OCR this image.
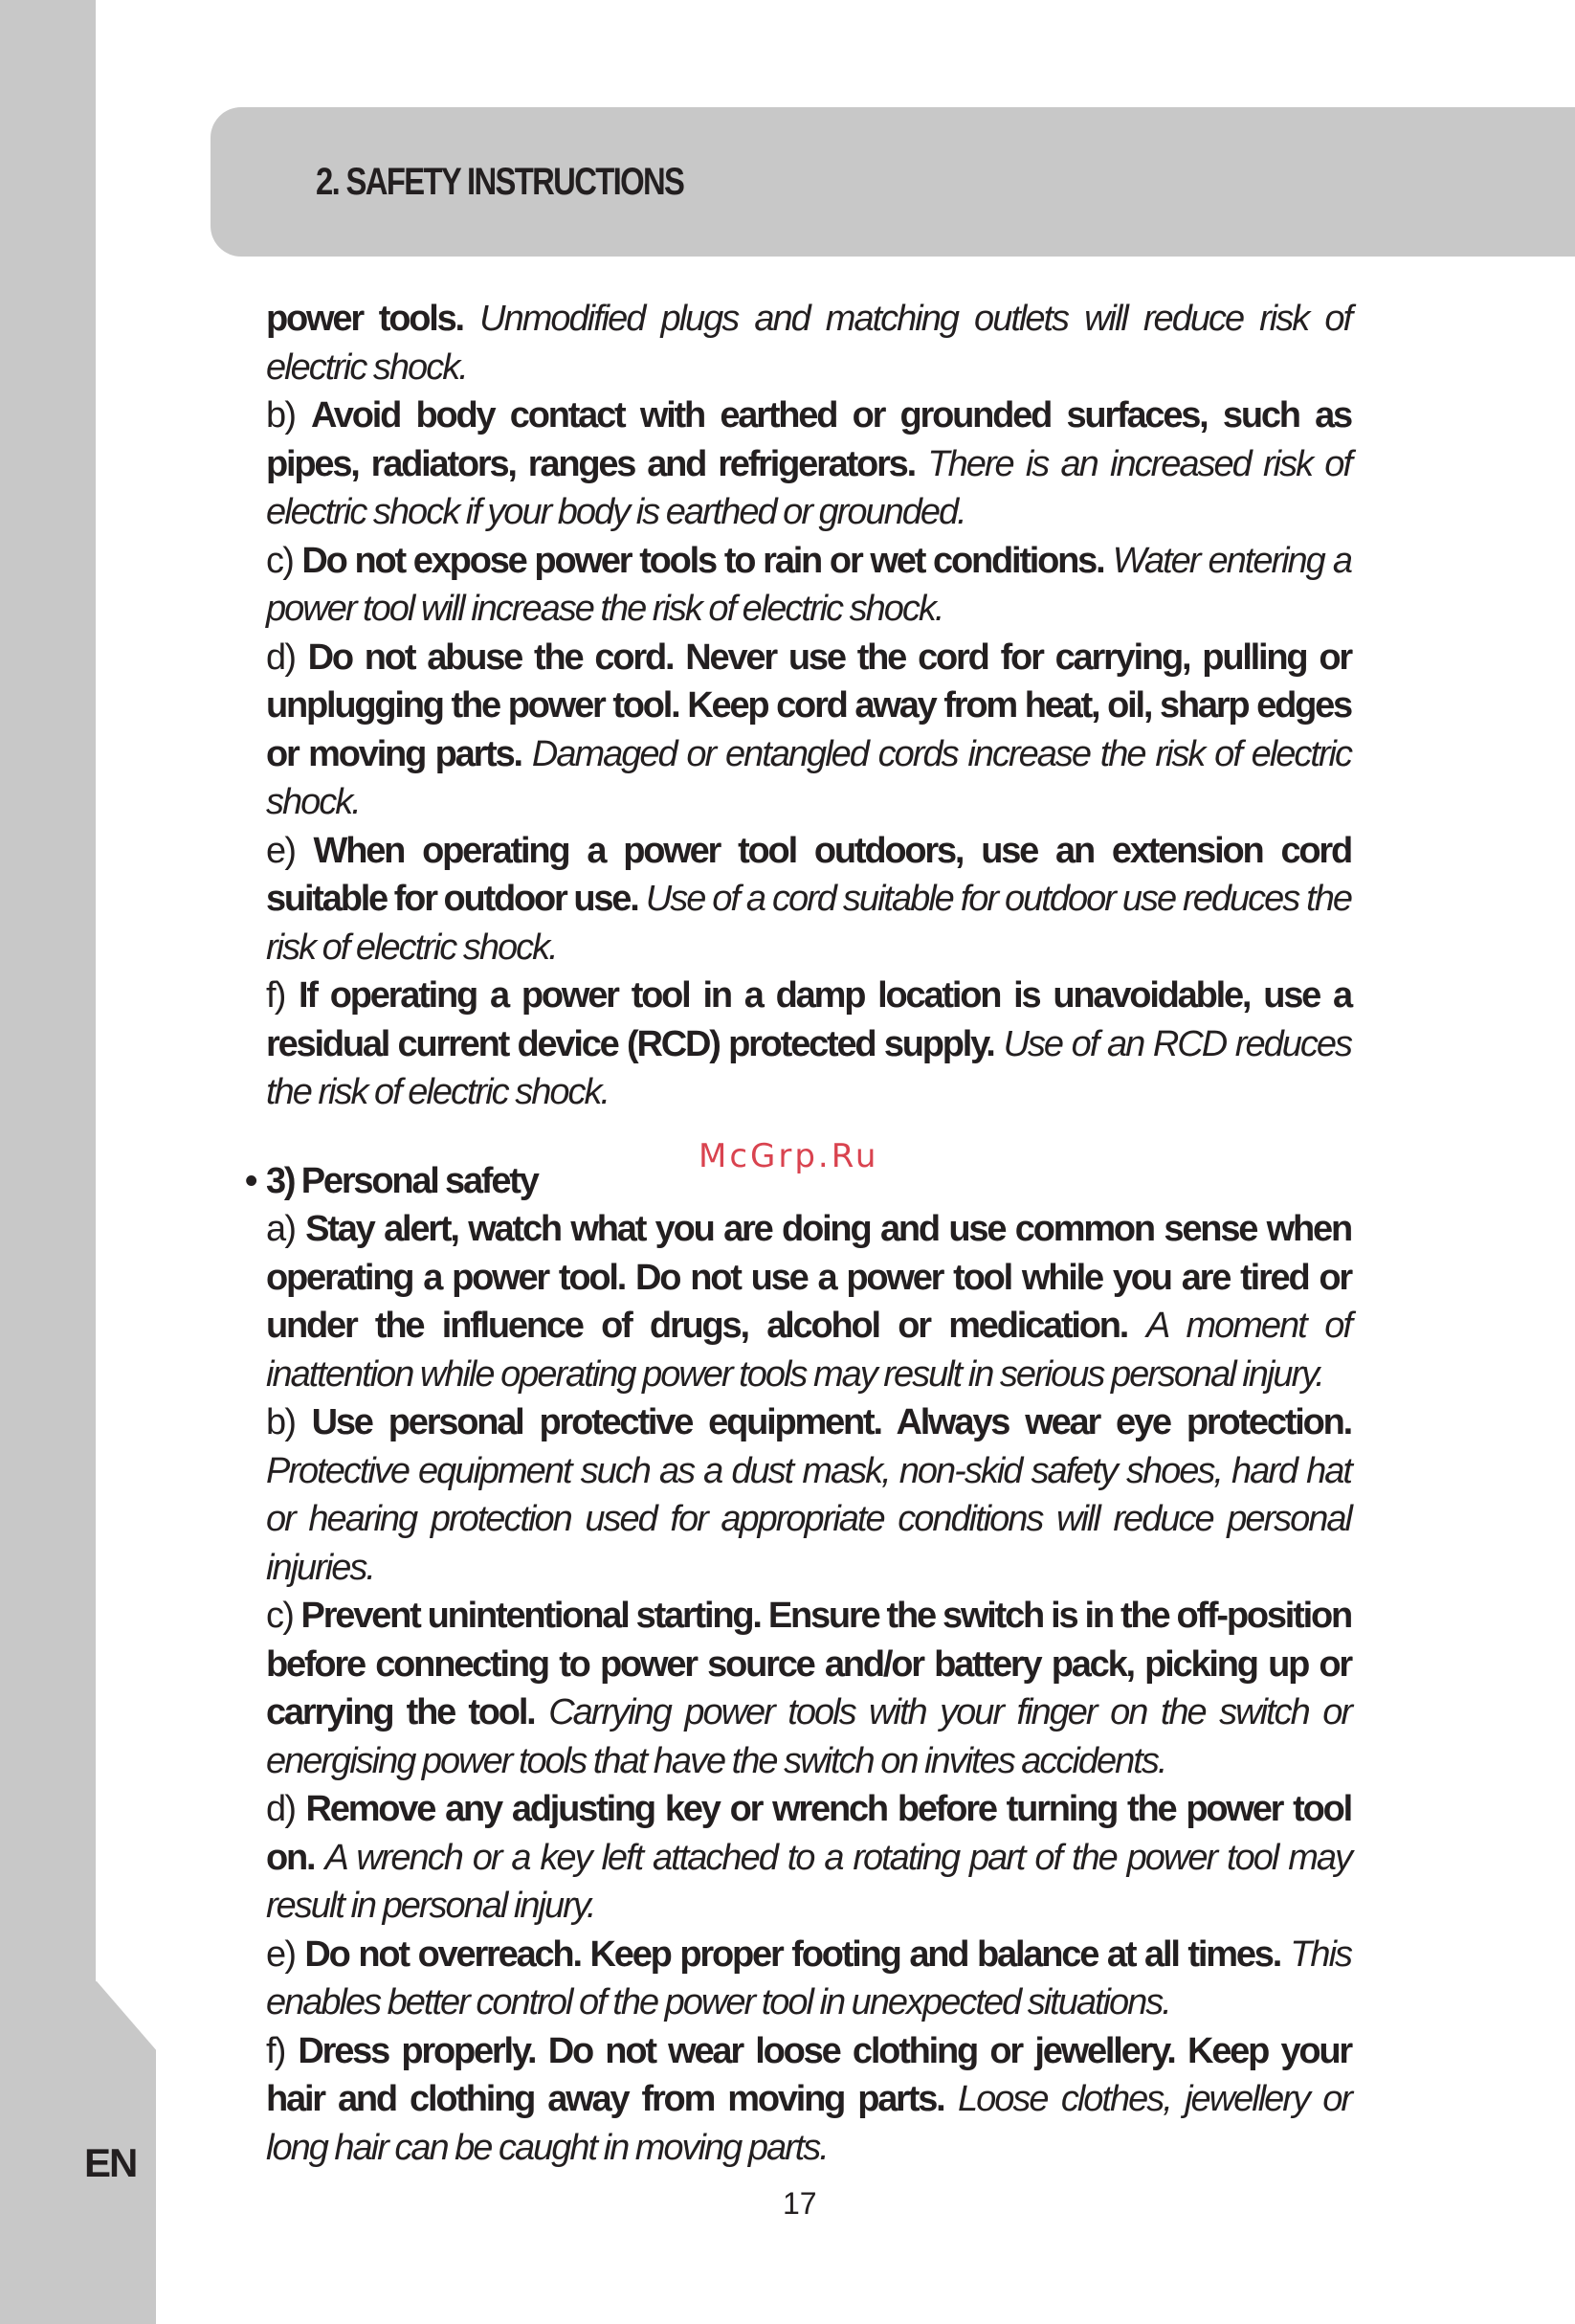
2. SAFETY INSTRUCTIONS

power tools. Unmodified plugs and matching outlets will reduce risk of electric shock.

b) Avoid body contact with earthed or grounded surfaces, such as pipes, radiators, ranges and refrigerators. There is an increased risk of electric shock if your body is earthed or grounded.

c) Do not expose power tools to rain or wet conditions. Water entering a power tool will increase the risk of electric shock.

d) Do not abuse the cord. Never use the cord for carrying, pulling or unplugging the power tool. Keep cord away from heat, oil, sharp edges or moving parts. Damaged or entangled cords increase the risk of electric shock.

e) When operating a power tool outdoors, use an extension cord suitable for outdoor use. Use of a cord suitable for outdoor use reduces the risk of electric shock.

f) If operating a power tool in a damp location is unavoidable, use a residual current device (RCD) protected supply. Use of an RCD reduces the risk of electric shock.

• 3) Personal safety

a) Stay alert, watch what you are doing and use common sense when operating a power tool. Do not use a power tool while you are tired or under the influence of drugs, alcohol or medication. A moment of inattention while operating power tools may result in serious personal injury.

b) Use personal protective equipment. Always wear eye protection. Protective equipment such as a dust mask, non-skid safety shoes, hard hat or hearing protection used for appropriate conditions will reduce personal injuries.

c) Prevent unintentional starting. Ensure the switch is in the off-position before connecting to power source and/or battery pack, picking up or carrying the tool. Carrying power tools with your finger on the switch or energising power tools that have the switch on invites accidents.

d) Remove any adjusting key or wrench before turning the power tool on. A wrench or a key left attached to a rotating part of the power tool may result in personal injury.

e) Do not overreach. Keep proper footing and balance at all times. This enables better control of the power tool in unexpected situations.

f) Dress properly. Do not wear loose clothing or jewellery. Keep your hair and clothing away from moving parts. Loose clothes, jewellery or long hair can be caught in moving parts.

McGrp.Ru

EN

17
